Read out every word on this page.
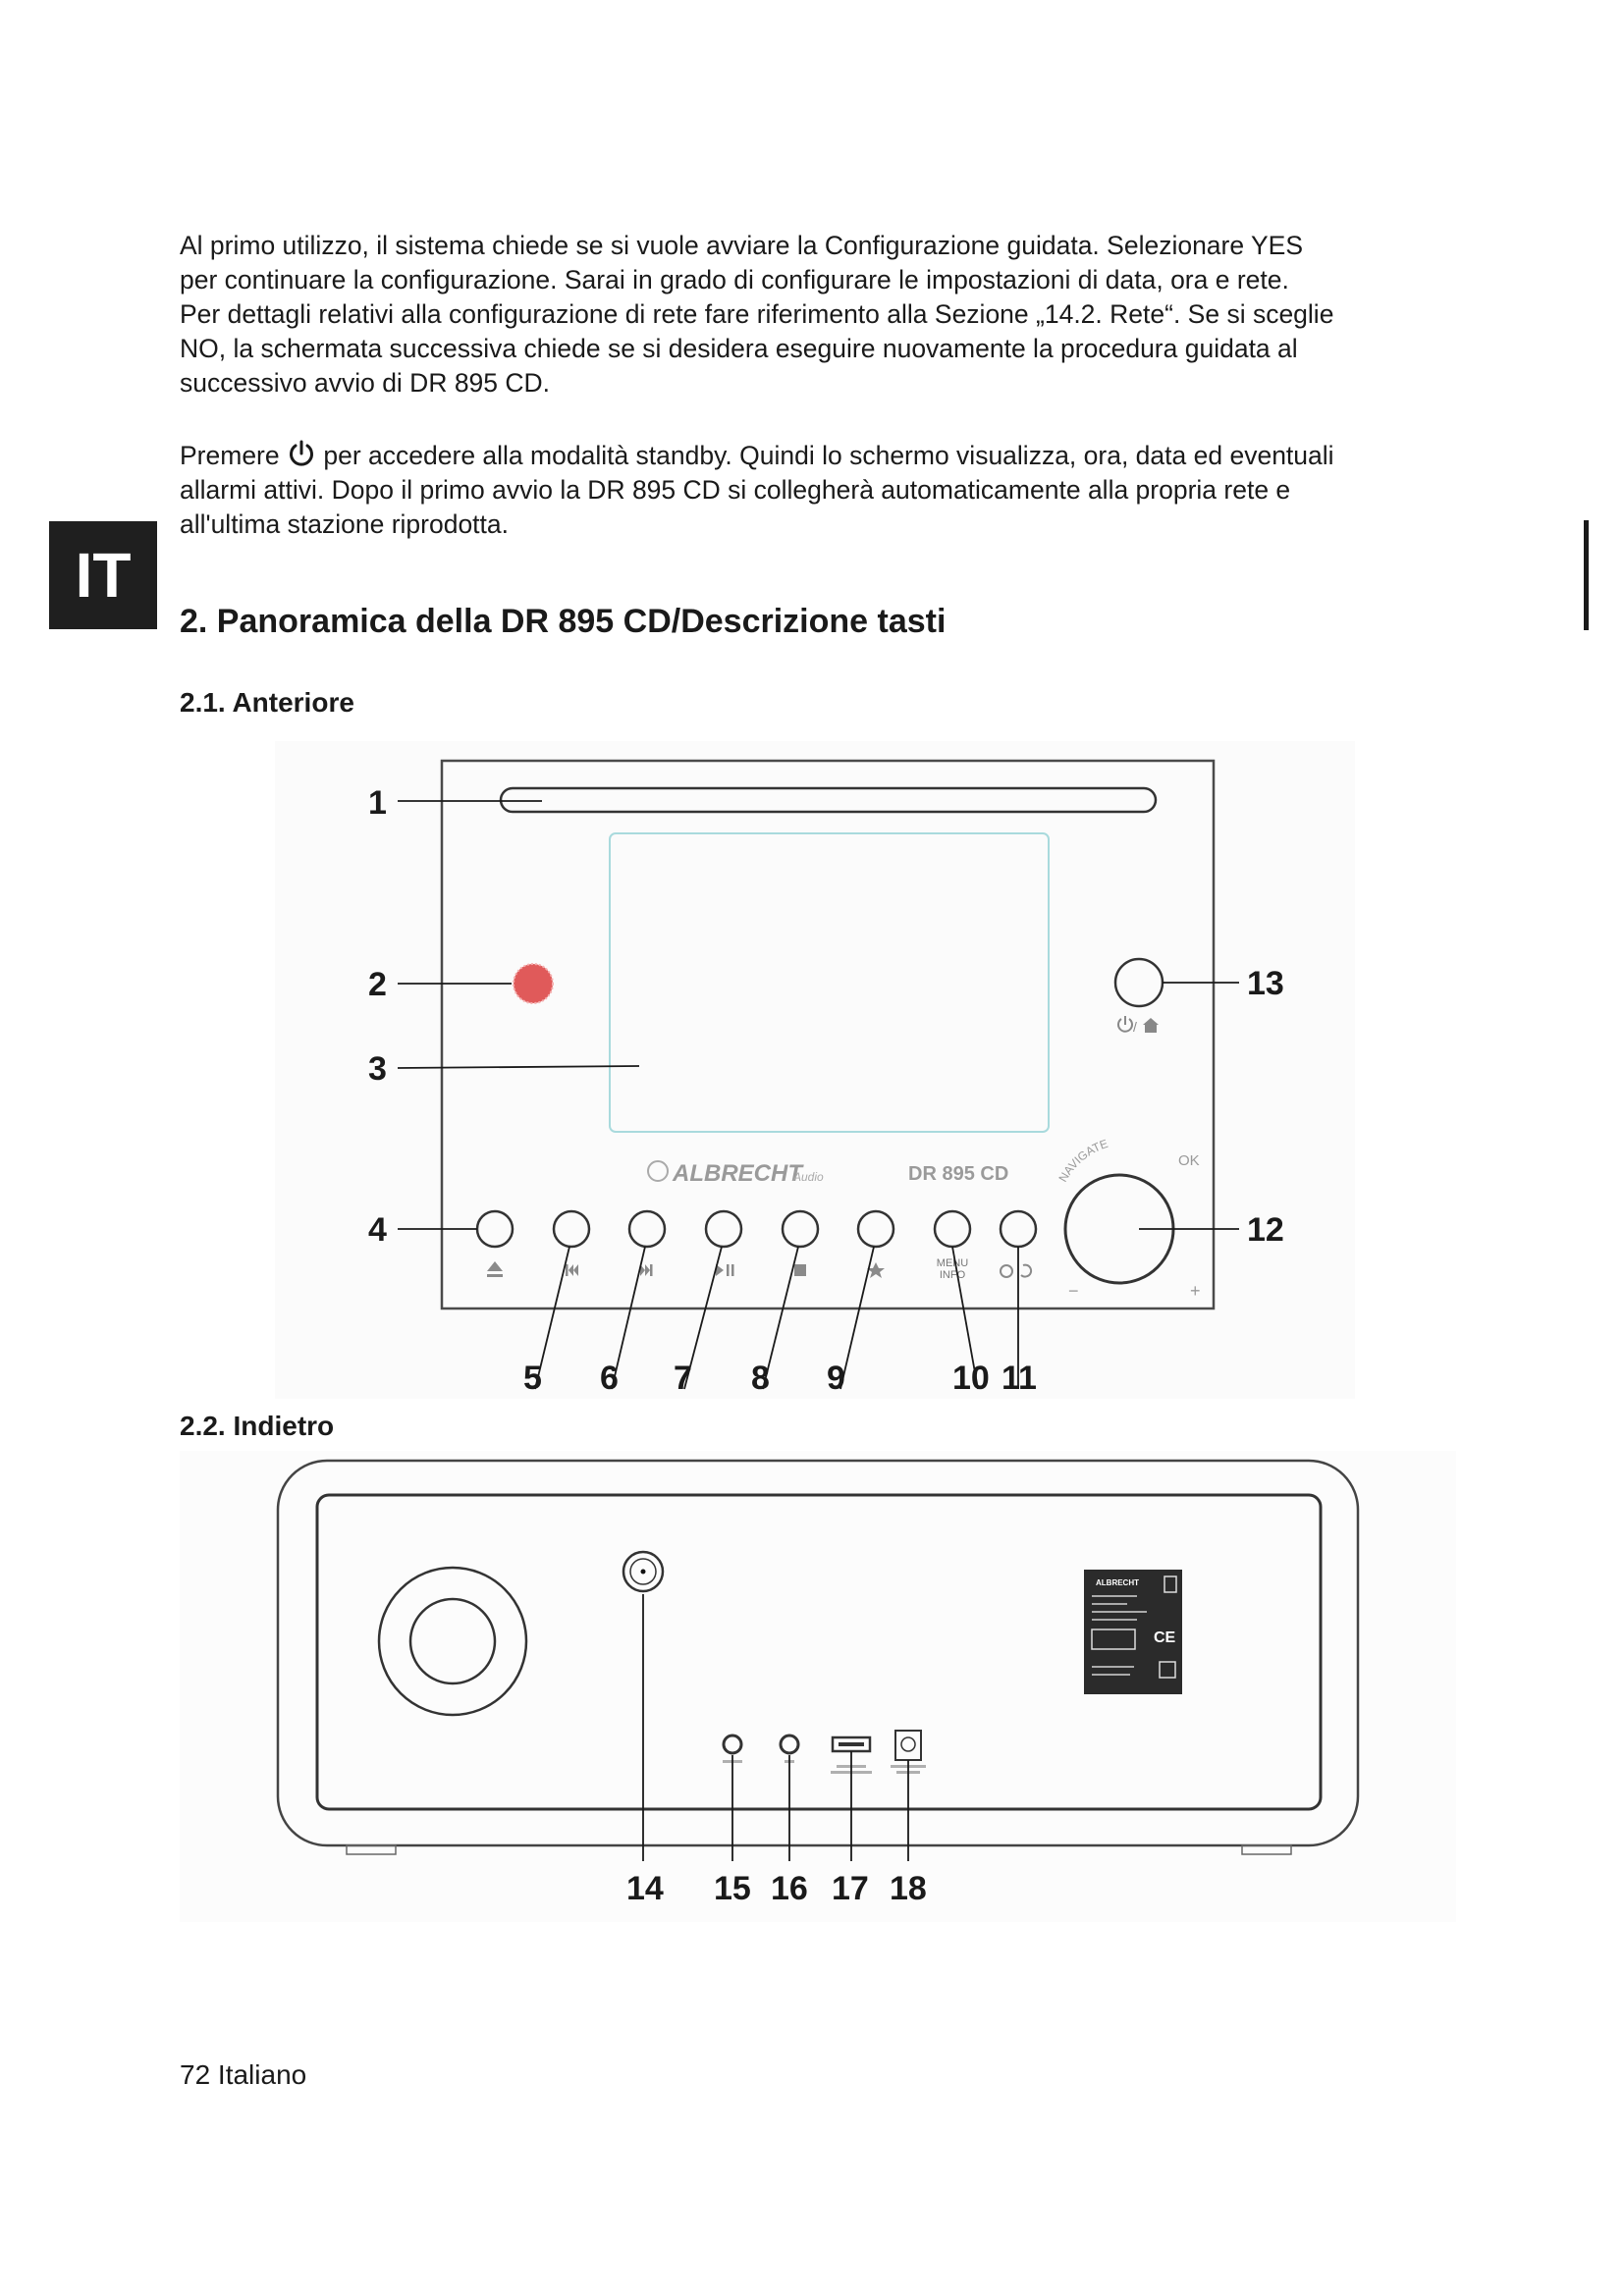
Al primo utilizzo, il sistema chiede se si vuole avviare la Configurazione guidata. Selezionare YES
per continuare la configurazione. Sarai in grado di configurare le impostazioni di data, ora e rete.
Per dettagli relativi alla configurazione di rete fare riferimento alla Sezione „14.2. Rete“. Se si sceglie
NO, la schermata successiva chiede se si desidera eseguire nuovamente la procedura guidata al
successivo avvio di DR 895 CD.
Premere per accedere alla modalità standby. Quindi lo schermo visualizza, ora, data ed eventuali
allarmi attivi. Dopo il primo avvio la DR 895 CD si collegherà automaticamente alla propria rete e
all'ultima stazione riprodotta.
IT
2. Panoramica della DR 895 CD/Descrizione tasti
2.1. Anteriore
/
ALBRECHT
Audio	DR 895 CD
MENU
INFO
NAVIGATE
OK
−	+
1
2
3
4
5 6 7 8 9	10 11
12
13
2.2. Indietro
ALBRECHT
CE
14 15 16 17 18
72 Italiano
